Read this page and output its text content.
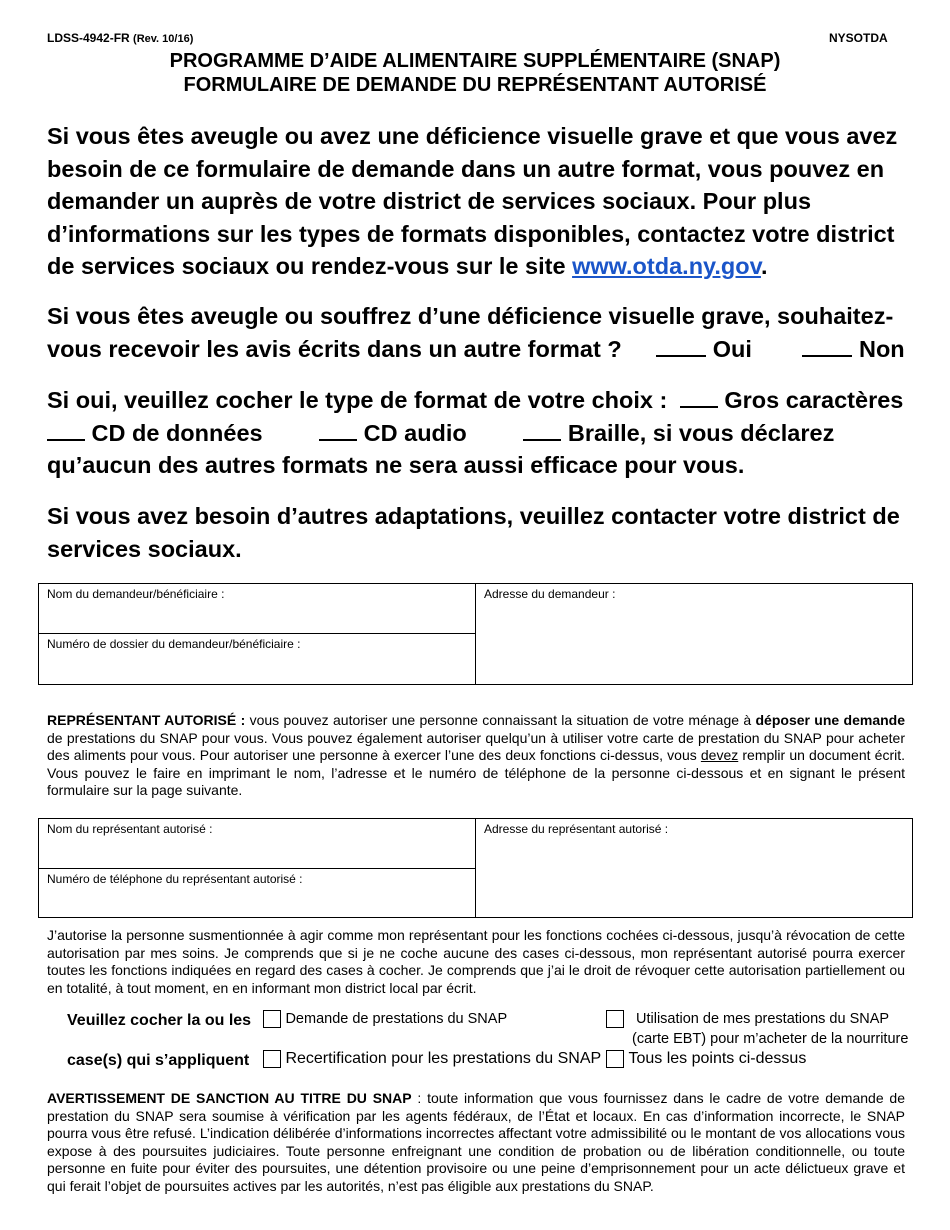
LDSS-4942-FR (Rev. 10/16)	NYSOTDA
PROGRAMME D’AIDE ALIMENTAIRE SUPPLÉMENTAIRE (SNAP)
FORMULAIRE DE DEMANDE DU REPRÉSENTANT AUTORISÉ
Si vous êtes aveugle ou avez une déficience visuelle grave et que vous avez besoin de ce formulaire de demande dans un autre format, vous pouvez en demander un auprès de votre district de services sociaux. Pour plus d’informations sur les types de formats disponibles, contactez votre district de services sociaux ou rendez-vous sur le site www.otda.ny.gov.
Si vous êtes aveugle ou souffrez d’une déficience visuelle grave, souhaitez-vous recevoir les avis écrits dans un autre format ?	Oui	Non
Si oui, veuillez cocher le type de format de votre choix : Gros caractères
CD de données	CD audio	Braille, si vous déclarez
qu’aucun des autres formats ne sera aussi efficace pour vous.
Si vous avez besoin d’autres adaptations, veuillez contacter votre district de services sociaux.
Nom du demandeur/bénéficiaire :
Numéro de dossier du demandeur/bénéficiaire :
Adresse du demandeur :
REPRÉSENTANT AUTORISÉ : vous pouvez autoriser une personne connaissant la situation de votre ménage à déposer une demande de prestations du SNAP pour vous. Vous pouvez également autoriser quelqu’un à utiliser votre carte de prestation du SNAP pour acheter des aliments pour vous. Pour autoriser une personne à exercer l’une des deux fonctions ci-dessus, vous devez remplir un document écrit. Vous pouvez le faire en imprimant le nom, l’adresse et le numéro de téléphone de la personne ci-dessous et en signant le présent formulaire sur la page suivante.
Nom du représentant autorisé :
Numéro de téléphone du représentant autorisé :
Adresse du représentant autorisé :
J’autorise la personne susmentionnée à agir comme mon représentant pour les fonctions cochées ci-dessous, jusqu’à révocation de cette autorisation par mes soins. Je comprends que si je ne coche aucune des cases ci-dessous, mon représentant autorisé pourra exercer toutes les fonctions indiquées en regard des cases à cocher. Je comprends que j’ai le droit de révoquer cette autorisation partiellement ou en totalité, à tout moment, en en informant mon district local par écrit.
Veuillez cocher la ou les
case(s) qui s’appliquent
Demande de prestations du SNAP	Utilisation de mes prestations du SNAP
(carte EBT) pour m’acheter de la nourriture
Recertification pour les prestations du SNAP	Tous les points ci-dessus
AVERTISSEMENT DE SANCTION AU TITRE DU SNAP : toute information que vous fournissez dans le cadre de votre demande de prestation du SNAP sera soumise à vérification par les agents fédéraux, de l’État et locaux. En cas d’information incorrecte, le SNAP pourra vous être refusé. L’indication délibérée d’informations incorrectes affectant votre admissibilité ou le montant de vos allocations vous expose à des poursuites judiciaires. Toute personne enfreignant une condition de probation ou de libération conditionnelle, ou toute personne en fuite pour éviter des poursuites, une détention provisoire ou une peine d’emprisonnement pour un acte délictueux grave et qui ferait l’objet de poursuites actives par les autorités, n’est pas éligible aux prestations du SNAP.
